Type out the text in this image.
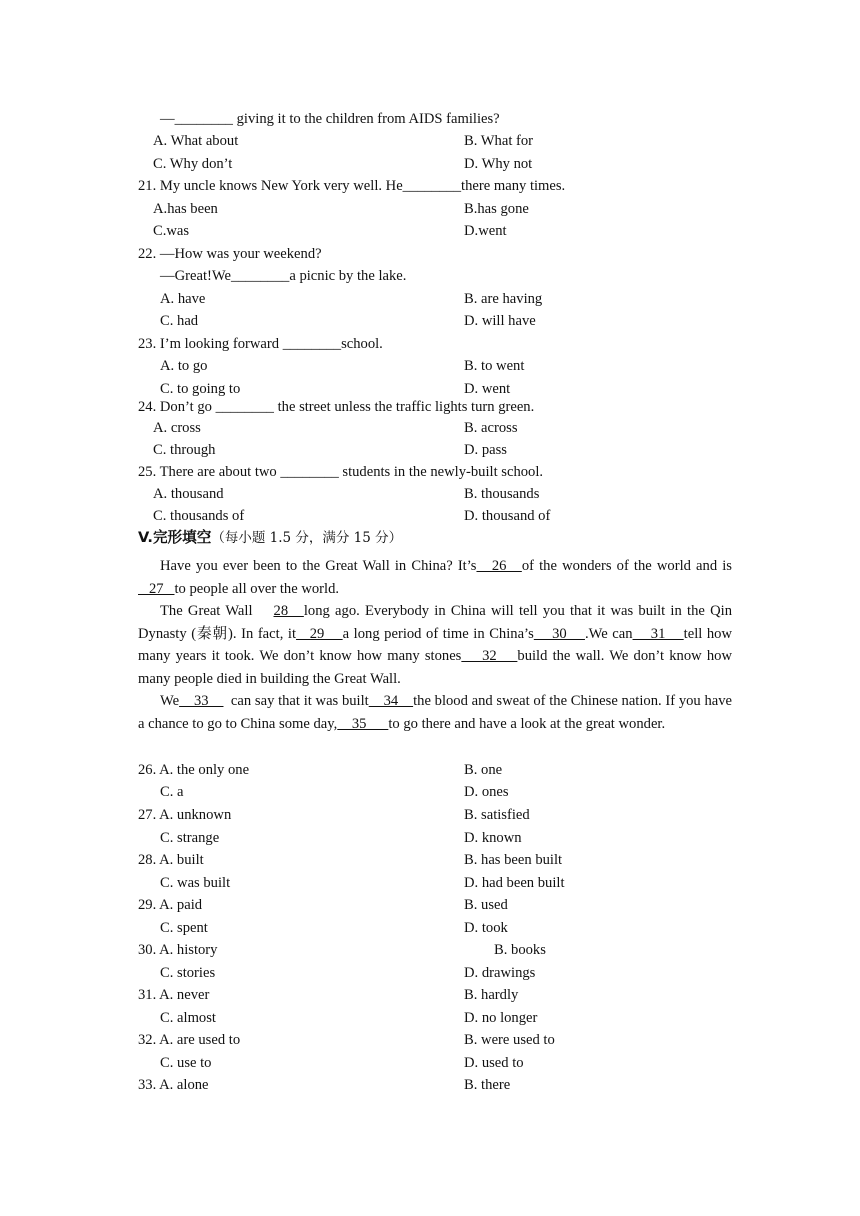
—________ giving it to the children from AIDS families?
A. What about	B. What for
C. Why don’t	D. Why not
21. My uncle knows New York very well. He________there many times.
A.has been	B.has gone
C.was	D.went
22. —How was your weekend?
—Great!We________a picnic by the lake.
A. have	B. are having
C. had	D. will have
23. I’m looking forward ________school.
A. to go	B. to went
C. to going to	D. went
24. Don’t go ________ the street unless the traffic lights turn green.
A. cross	B. across
C. through	D. pass
25. There are about two ________ students in the newly-built school.
A. thousand	B. thousands
C. thousands of	D. thousand of
V.完形填空（每小题 1.5 分，满分 15 分）

Have you ever been to the Great Wall in China? It’s   26   of the wonders of the world and is   27   to people all over the world.

The Great Wall    28   long ago. Everybody in China will tell you that it was built in the Qin Dynasty (秦朝). In fact, it   29    a long period of time in China’s    30    .We can    31    tell how many years it took. We don’t know how many stones    32    build the wall. We don’t know how many people died in building the Great Wall.

We    33      can say that it was built    34    the blood and sweat of the Chinese nation. If you have a chance to go to China some day,    35      to go there and have a look at the great wonder.

26. A. the only one	B. one
C. a	D. ones
27. A. unknown	B. satisfied
C. strange	D. known
28. A. built	B. has been built
C. was built	D. had been built
29. A. paid	B. used
C. spent	D. took
30. A. history	B. books
C. stories	D. drawings
31. A. never	B. hardly
C. almost	D. no longer
32. A. are used to	B. were used to
C. use to	D. used to
33. A. alone	B. there
